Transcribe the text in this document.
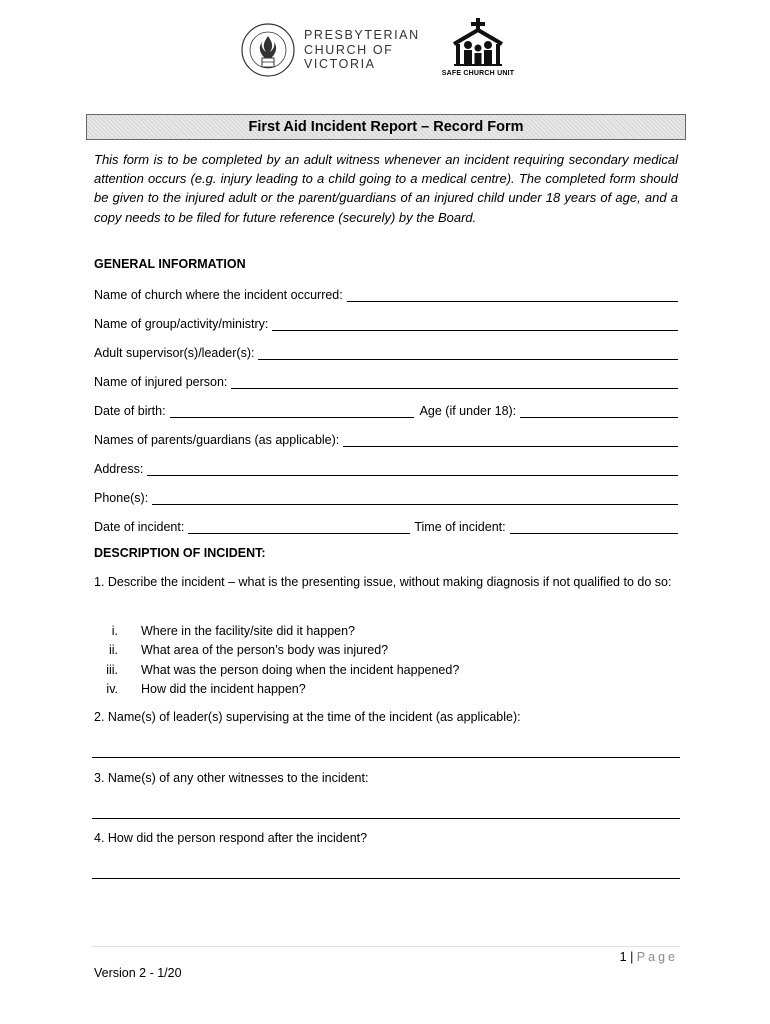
PRESBYTERIAN
CHURCH OF
VICTORIA
SAFE CHURCH UNIT
First Aid Incident Report – Record Form
This form is to be completed by an adult witness whenever an incident requiring secondary medical attention occurs (e.g. injury leading to a child going to a medical centre). The completed form should be given to the injured adult or the parent/guardians of an injured child under 18 years of age, and a copy needs to be filed for future reference (securely) by the Board.
GENERAL INFORMATION
Name of church where the incident occurred:
Name of group/activity/ministry:
Adult supervisor(s)/leader(s):
Name of injured person:
Date of birth:	Age (if under 18):
Names of parents/guardians (as applicable):
Address:
Phone(s):
Date of incident:	Time of incident:
DESCRIPTION OF INCIDENT:
1. Describe the incident – what is the presenting issue, without making diagnosis if not qualified to do so:
i. Where in the facility/site did it happen?
ii. What area of the person’s body was injured?
iii. What was the person doing when the incident happened?
iv. How did the incident happen?
2. Name(s) of leader(s) supervising at the time of the incident (as applicable):
3. Name(s) of any other witnesses to the incident:
4. How did the person respond after the incident?
1 | Page
Version 2 - 1/20
